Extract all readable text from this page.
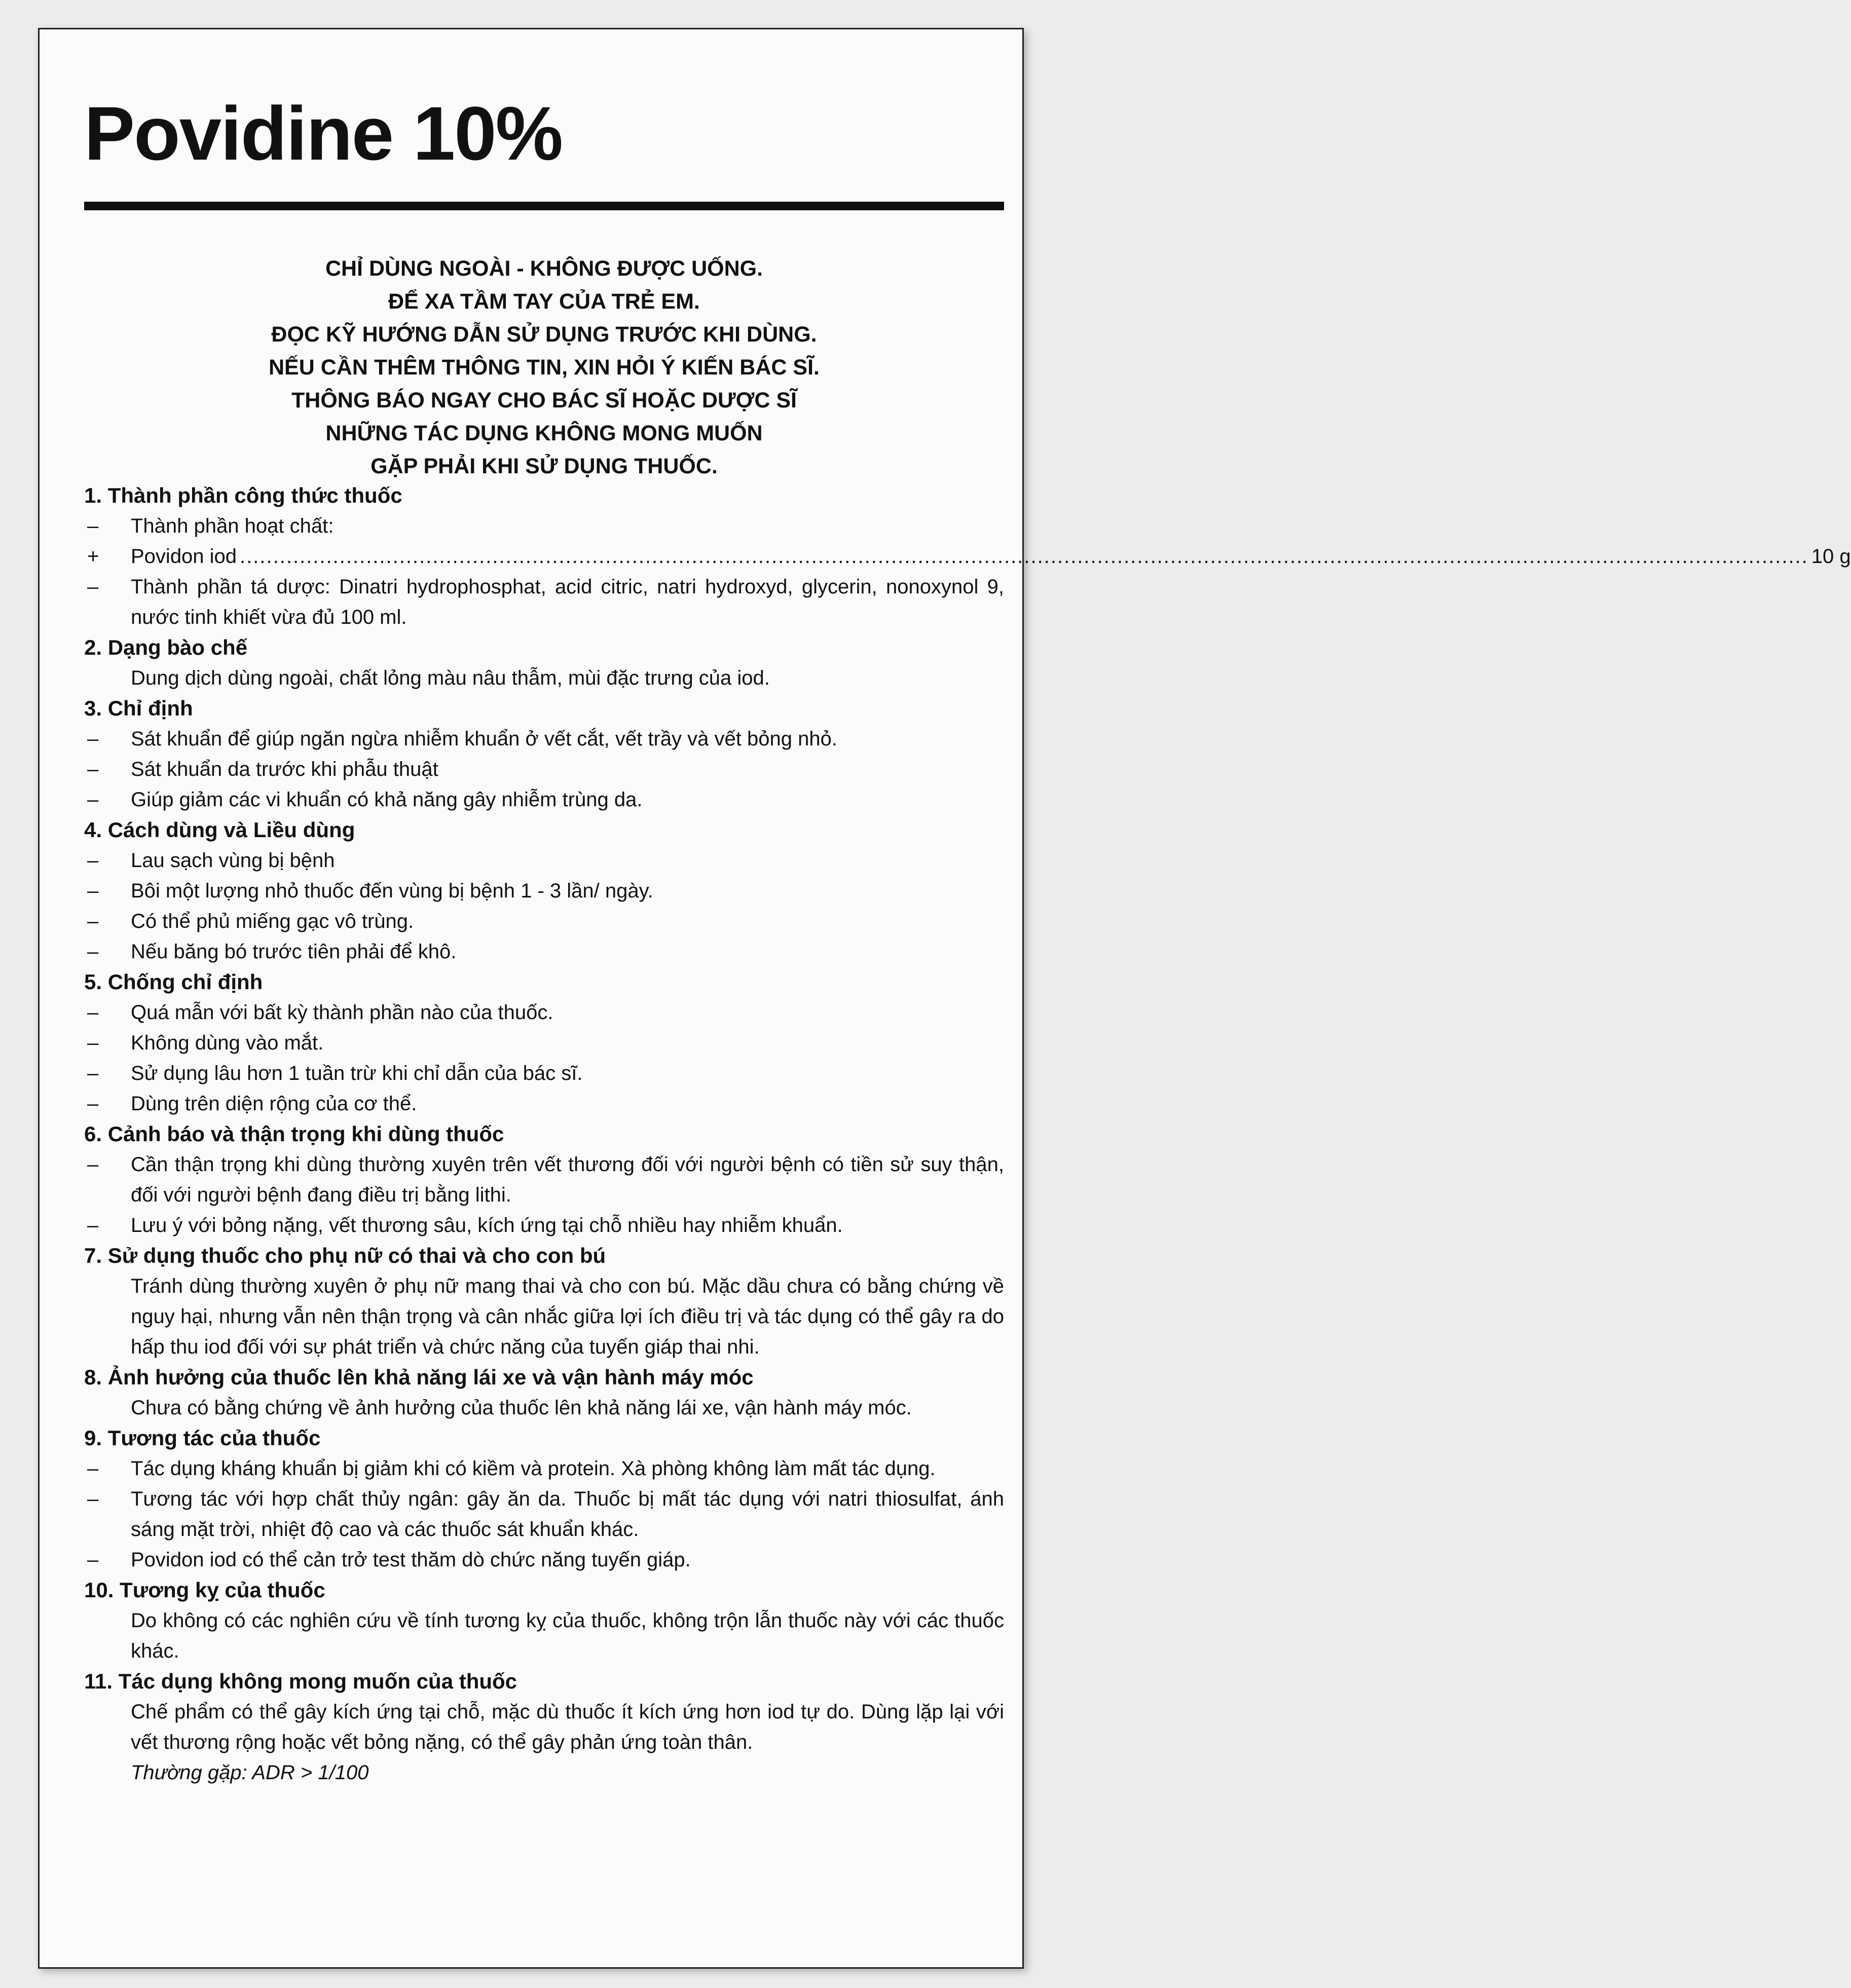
Povidine 10%
CHỈ DÙNG NGOÀI - KHÔNG ĐƯỢC UỐNG.
ĐỂ XA TẦM TAY CỦA TRẺ EM.
ĐỌC KỸ HƯỚNG DẪN SỬ DỤNG TRƯỚC KHI DÙNG.
NẾU CẦN THÊM THÔNG TIN, XIN HỎI Ý KIẾN BÁC SĨ.
THÔNG BÁO NGAY CHO BÁC SĨ HOẶC DƯỢC SĨ
NHỮNG TÁC DỤNG KHÔNG MONG MUỐN
GẶP PHẢI KHI SỬ DỤNG THUỐC.
1. Thành phần công thức thuốc
–	Thành phần hoạt chất:
+	Povidon iod ............................................................................................................................................................................................................................................ 10 g
–	Thành phần tá dược: Dinatri hydrophosphat, acid citric, natri hydroxyd, glycerin, nonoxynol 9, nước tinh khiết vừa đủ 100 ml.
2. Dạng bào chế
Dung dịch dùng ngoài, chất lỏng màu nâu thẫm, mùi đặc trưng của iod.
3. Chỉ định
–	Sát khuẩn để giúp ngăn ngừa nhiễm khuẩn ở vết cắt, vết trầy và vết bỏng nhỏ.
–	Sát khuẩn da trước khi phẫu thuật
–	Giúp giảm các vi khuẩn có khả năng gây nhiễm trùng da.
4. Cách dùng và Liều dùng
–	Lau sạch vùng bị bệnh
–	Bôi một lượng nhỏ thuốc đến vùng bị bệnh 1 - 3 lần/ ngày.
–	Có thể phủ miếng gạc vô trùng.
–	Nếu băng bó trước tiên phải để khô.
5. Chống chỉ định
–	Quá mẫn với bất kỳ thành phần nào của thuốc.
–	Không dùng vào mắt.
–	Sử dụng lâu hơn 1 tuần trừ khi chỉ dẫn của bác sĩ.
–	Dùng trên diện rộng của cơ thể.
6. Cảnh báo và thận trọng khi dùng thuốc
–	Cần thận trọng khi dùng thường xuyên trên vết thương đối với người bệnh có tiền sử suy thận, đối với người bệnh đang điều trị bằng lithi.
–	Lưu ý với bỏng nặng, vết thương sâu, kích ứng tại chỗ nhiều hay nhiễm khuẩn.
7. Sử dụng thuốc cho phụ nữ có thai và cho con bú
Tránh dùng thường xuyên ở phụ nữ mang thai và cho con bú. Mặc dầu chưa có bằng chứng về nguy hại, nhưng vẫn nên thận trọng và cân nhắc giữa lợi ích điều trị và tác dụng có thể gây ra do hấp thu iod đối với sự phát triển và chức năng của tuyến giáp thai nhi.
8. Ảnh hưởng của thuốc lên khả năng lái xe và vận hành máy móc
Chưa có bằng chứng về ảnh hưởng của thuốc lên khả năng lái xe, vận hành máy móc.
9. Tương tác của thuốc
–	Tác dụng kháng khuẩn bị giảm khi có kiềm và protein. Xà phòng không làm mất tác dụng.
–	Tương tác với hợp chất thủy ngân: gây ăn da. Thuốc bị mất tác dụng với natri thiosulfat, ánh sáng mặt trời, nhiệt độ cao và các thuốc sát khuẩn khác.
–	Povidon iod có thể cản trở test thăm dò chức năng tuyến giáp.
10. Tương kỵ của thuốc
Do không có các nghiên cứu về tính tương kỵ của thuốc, không trộn lẫn thuốc này với các thuốc khác.
11. Tác dụng không mong muốn của thuốc
Chế phẩm có thể gây kích ứng tại chỗ, mặc dù thuốc ít kích ứng hơn iod tự do. Dùng lặp lại với vết thương rộng hoặc vết bỏng nặng, có thể gây phản ứng toàn thân.
Thường gặp: ADR > 1/100
